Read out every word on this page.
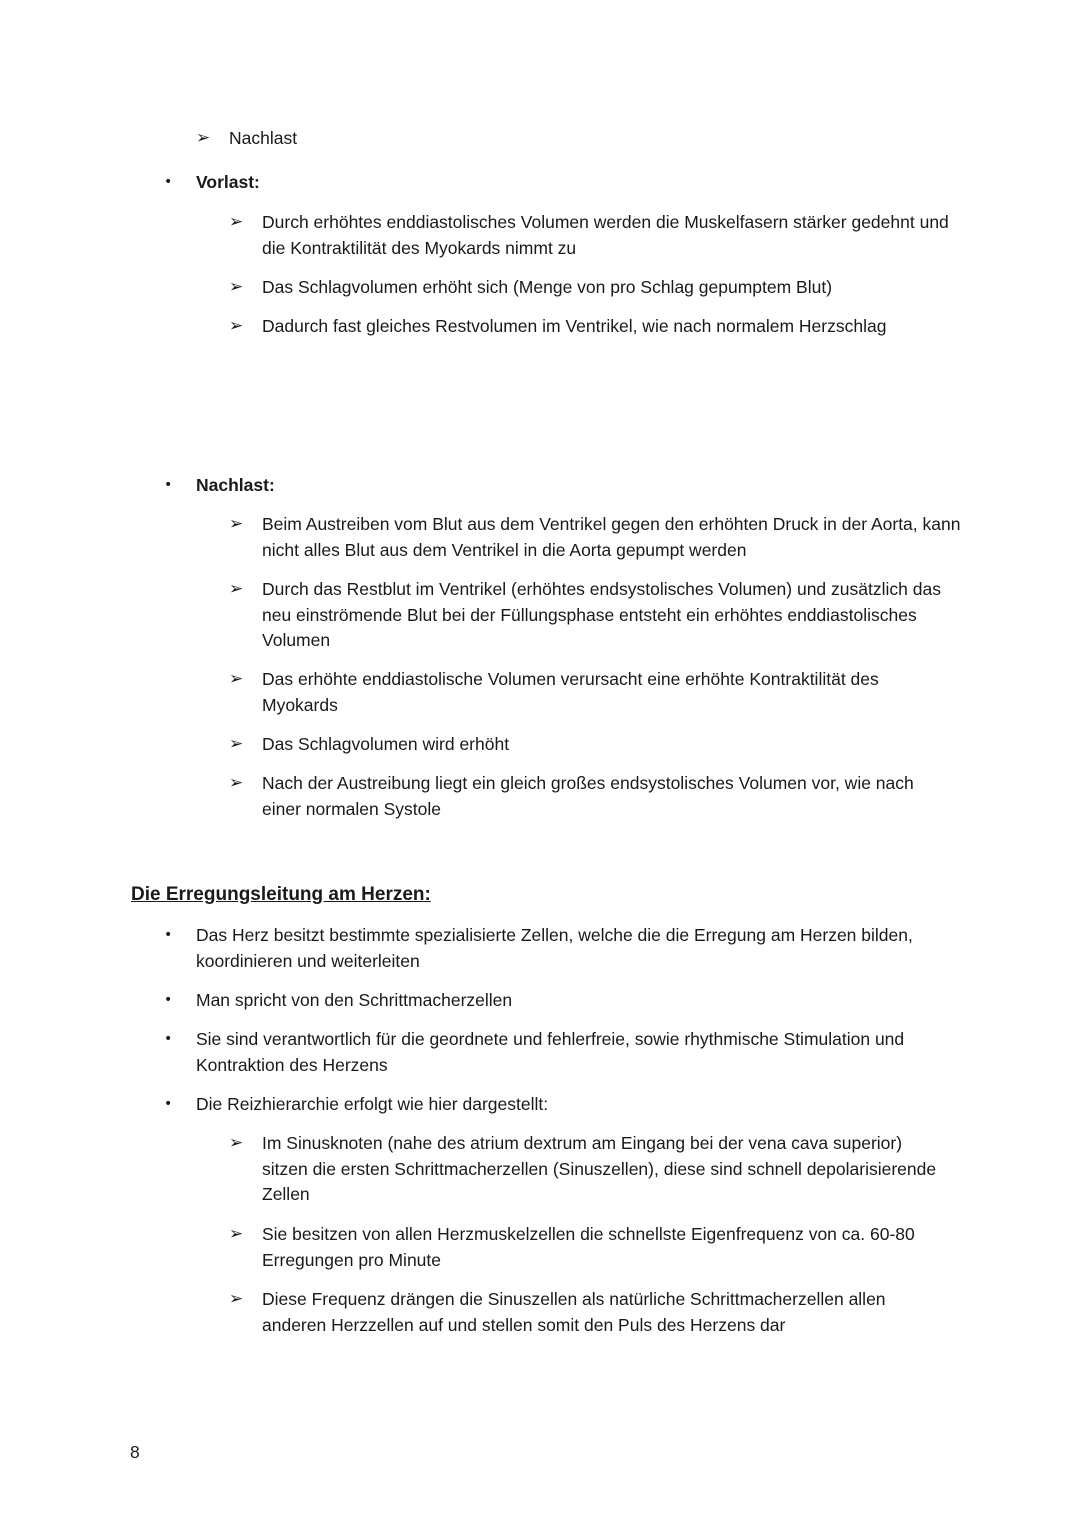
➢ Nachlast
• Vorlast:
➢ Durch erhöhtes enddiastolisches Volumen werden die Muskelfasern stärker gedehnt und die Kontraktilität des Myokards nimmt zu
➢ Das Schlagvolumen erhöht sich (Menge von pro Schlag gepumptem Blut)
➢ Dadurch fast gleiches Restvolumen im Ventrikel, wie nach normalem Herzschlag
• Nachlast:
➢ Beim Austreiben vom Blut aus dem Ventrikel gegen den erhöhten Druck in der Aorta, kann nicht alles Blut aus dem Ventrikel in die Aorta gepumpt werden
➢ Durch das Restblut im Ventrikel (erhöhtes endsystolisches Volumen) und zusätzlich das neu einströmende Blut bei der Füllungsphase entsteht ein erhöhtes enddiastolisches Volumen
➢ Das erhöhte enddiastolische Volumen verursacht eine erhöhte Kontraktilität des Myokards
➢ Das Schlagvolumen wird erhöht
➢ Nach der Austreibung liegt ein gleich großes endsystolisches Volumen vor, wie nach einer normalen Systole
Die Erregungsleitung am Herzen:
• Das Herz besitzt bestimmte spezialisierte Zellen, welche die die Erregung am Herzen bilden, koordinieren und weiterleiten
• Man spricht von den Schrittmacherzellen
• Sie sind verantwortlich für die geordnete und fehlerfreie, sowie rhythmische Stimulation und Kontraktion des Herzens
• Die Reizhierarchie erfolgt wie hier dargestellt:
➢ Im Sinusknoten (nahe des atrium dextrum am Eingang bei der vena cava superior) sitzen die ersten Schrittmacherzellen (Sinuszellen), diese sind schnell depolarisierende Zellen
➢ Sie besitzen von allen Herzmuskelzellen die schnellste Eigenfrequenz von ca. 60-80 Erregungen pro Minute
➢ Diese Frequenz drängen die Sinuszellen als natürliche Schrittmacherzellen allen anderen Herzzellen auf und stellen somit den Puls des Herzens dar
8
